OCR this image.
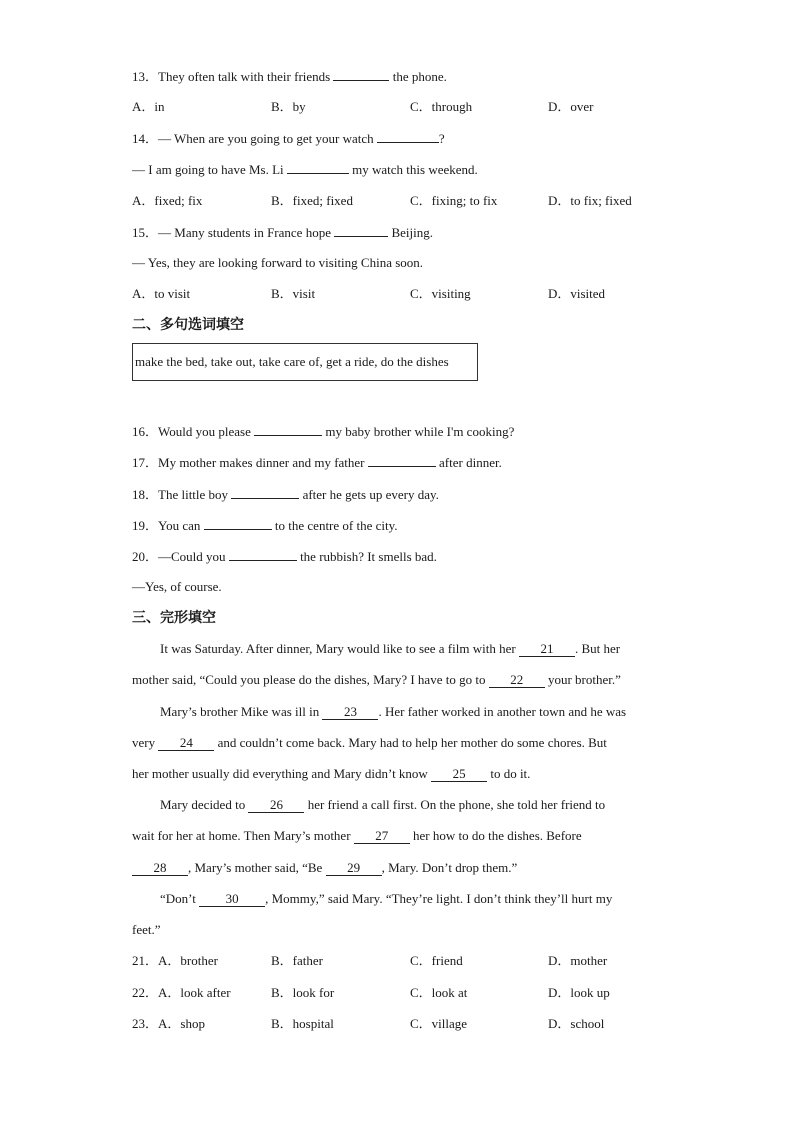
13．They often talk with their friends	the phone.
A．in	B．by	C．through	D．over
14．— When are you going to get your watch	?
— I am going to have Ms. Li	my watch this weekend.
A．fixed; fix	B．fixed; fixed	C．fixing; to fix	D．to fix; fixed
15．— Many students in France hope	Beijing.
— Yes, they are looking forward to visiting China soon.
A．to visit	B．visit	C．visiting	D．visited
二、多句选词填空
make the bed, take out, take care of, get a ride, do the dishes
16．Would you please	my baby brother while I'm cooking?
17．My mother makes dinner and my father	after dinner.
18．The little boy	after he gets up every day.
19．You can	to the centre of the city.
20．—Could you	the rubbish? It smells bad.
—Yes, of course.
三、完形填空
It was Saturday. After dinner, Mary would like to see a film with her 21 . But her
mother said, “Could you please do the dishes, Mary? I have to go to 22 your brother.”
Mary’s brother Mike was ill in 23 . Her father worked in another town and he was
very 24 and couldn’t come back. Mary had to help her mother do some chores. But
her mother usually did everything and Mary didn’t know 25 to do it.
Mary decided to 26 her friend a call first. On the phone, she told her friend to
wait for her at home. Then Mary’s mother 27 her how to do the dishes. Before
28 , Mary’s mother said, “Be 29 , Mary. Don’t drop them.”
“Don’t 30 , Mommy,” said Mary. “They’re light. I don’t think they’ll hurt my
feet.”
21．A．brother	B．father	C．friend	D．mother
22．A．look after	B．look for	C．look at	D．look up
23．A．shop	B．hospital	C．village	D．school
